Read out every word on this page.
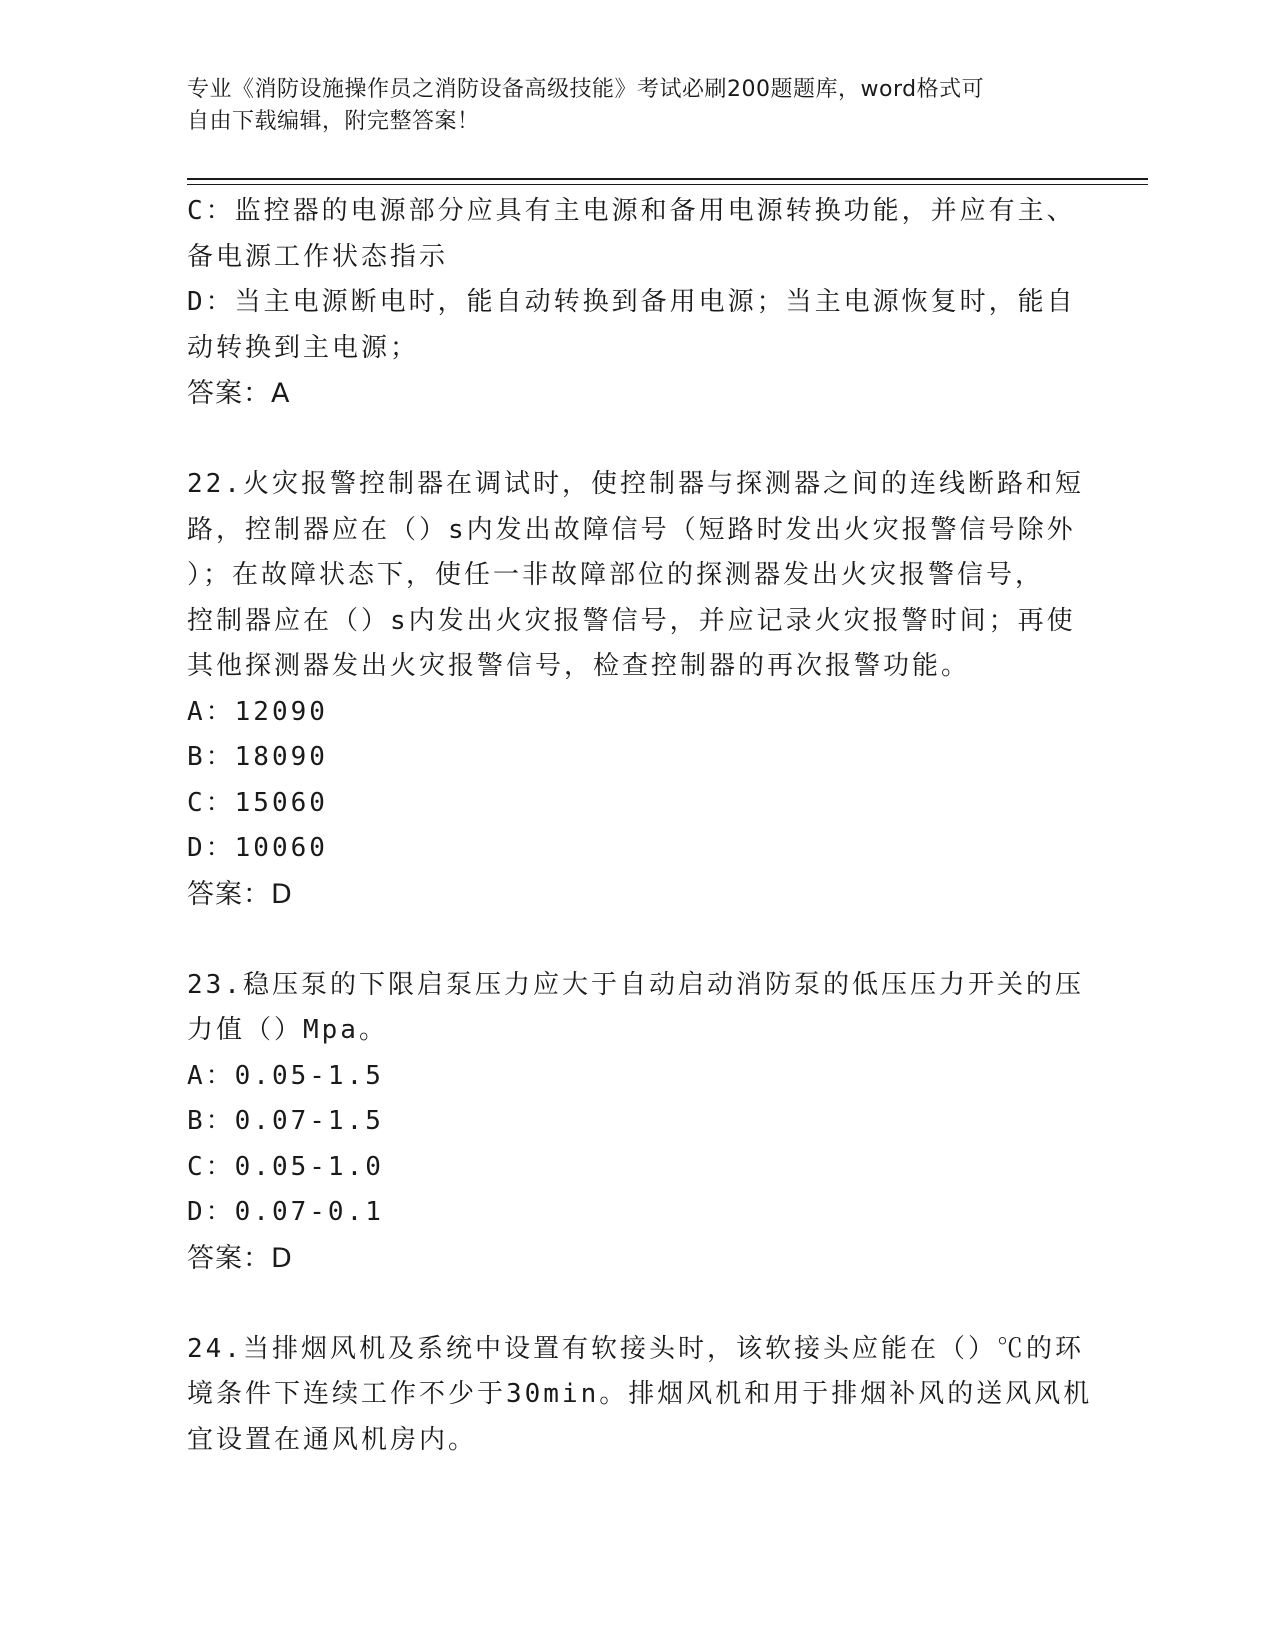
专业《消防设施操作员之消防设备高级技能》考试必刷200题题库，word格式可
自由下载编辑，附完整答案！
C：监控器的电源部分应具有主电源和备用电源转换功能，并应有主、
备电源工作状态指示
D：当主电源断电时，能自动转换到备用电源；当主电源恢复时，能自
动转换到主电源；
答案：A
22.火灾报警控制器在调试时，使控制器与探测器之间的连线断路和短
路，控制器应在（）s内发出故障信号（短路时发出火灾报警信号除外
）；在故障状态下，使任一非故障部位的探测器发出火灾报警信号，
控制器应在（）s内发出火灾报警信号，并应记录火灾报警时间；再使
其他探测器发出火灾报警信号，检查控制器的再次报警功能。
A：12090
B：18090
C：15060
D：10060
答案：D
23.稳压泵的下限启泵压力应大于自动启动消防泵的低压压力开关的压
力值（）Mpa。
A：0.05-1.5
B：0.07-1.5
C：0.05-1.0
D：0.07-0.1
答案：D
24.当排烟风机及系统中设置有软接头时，该软接头应能在（）℃的环
境条件下连续工作不少于30min。排烟风机和用于排烟补风的送风风机
宜设置在通风机房内。
